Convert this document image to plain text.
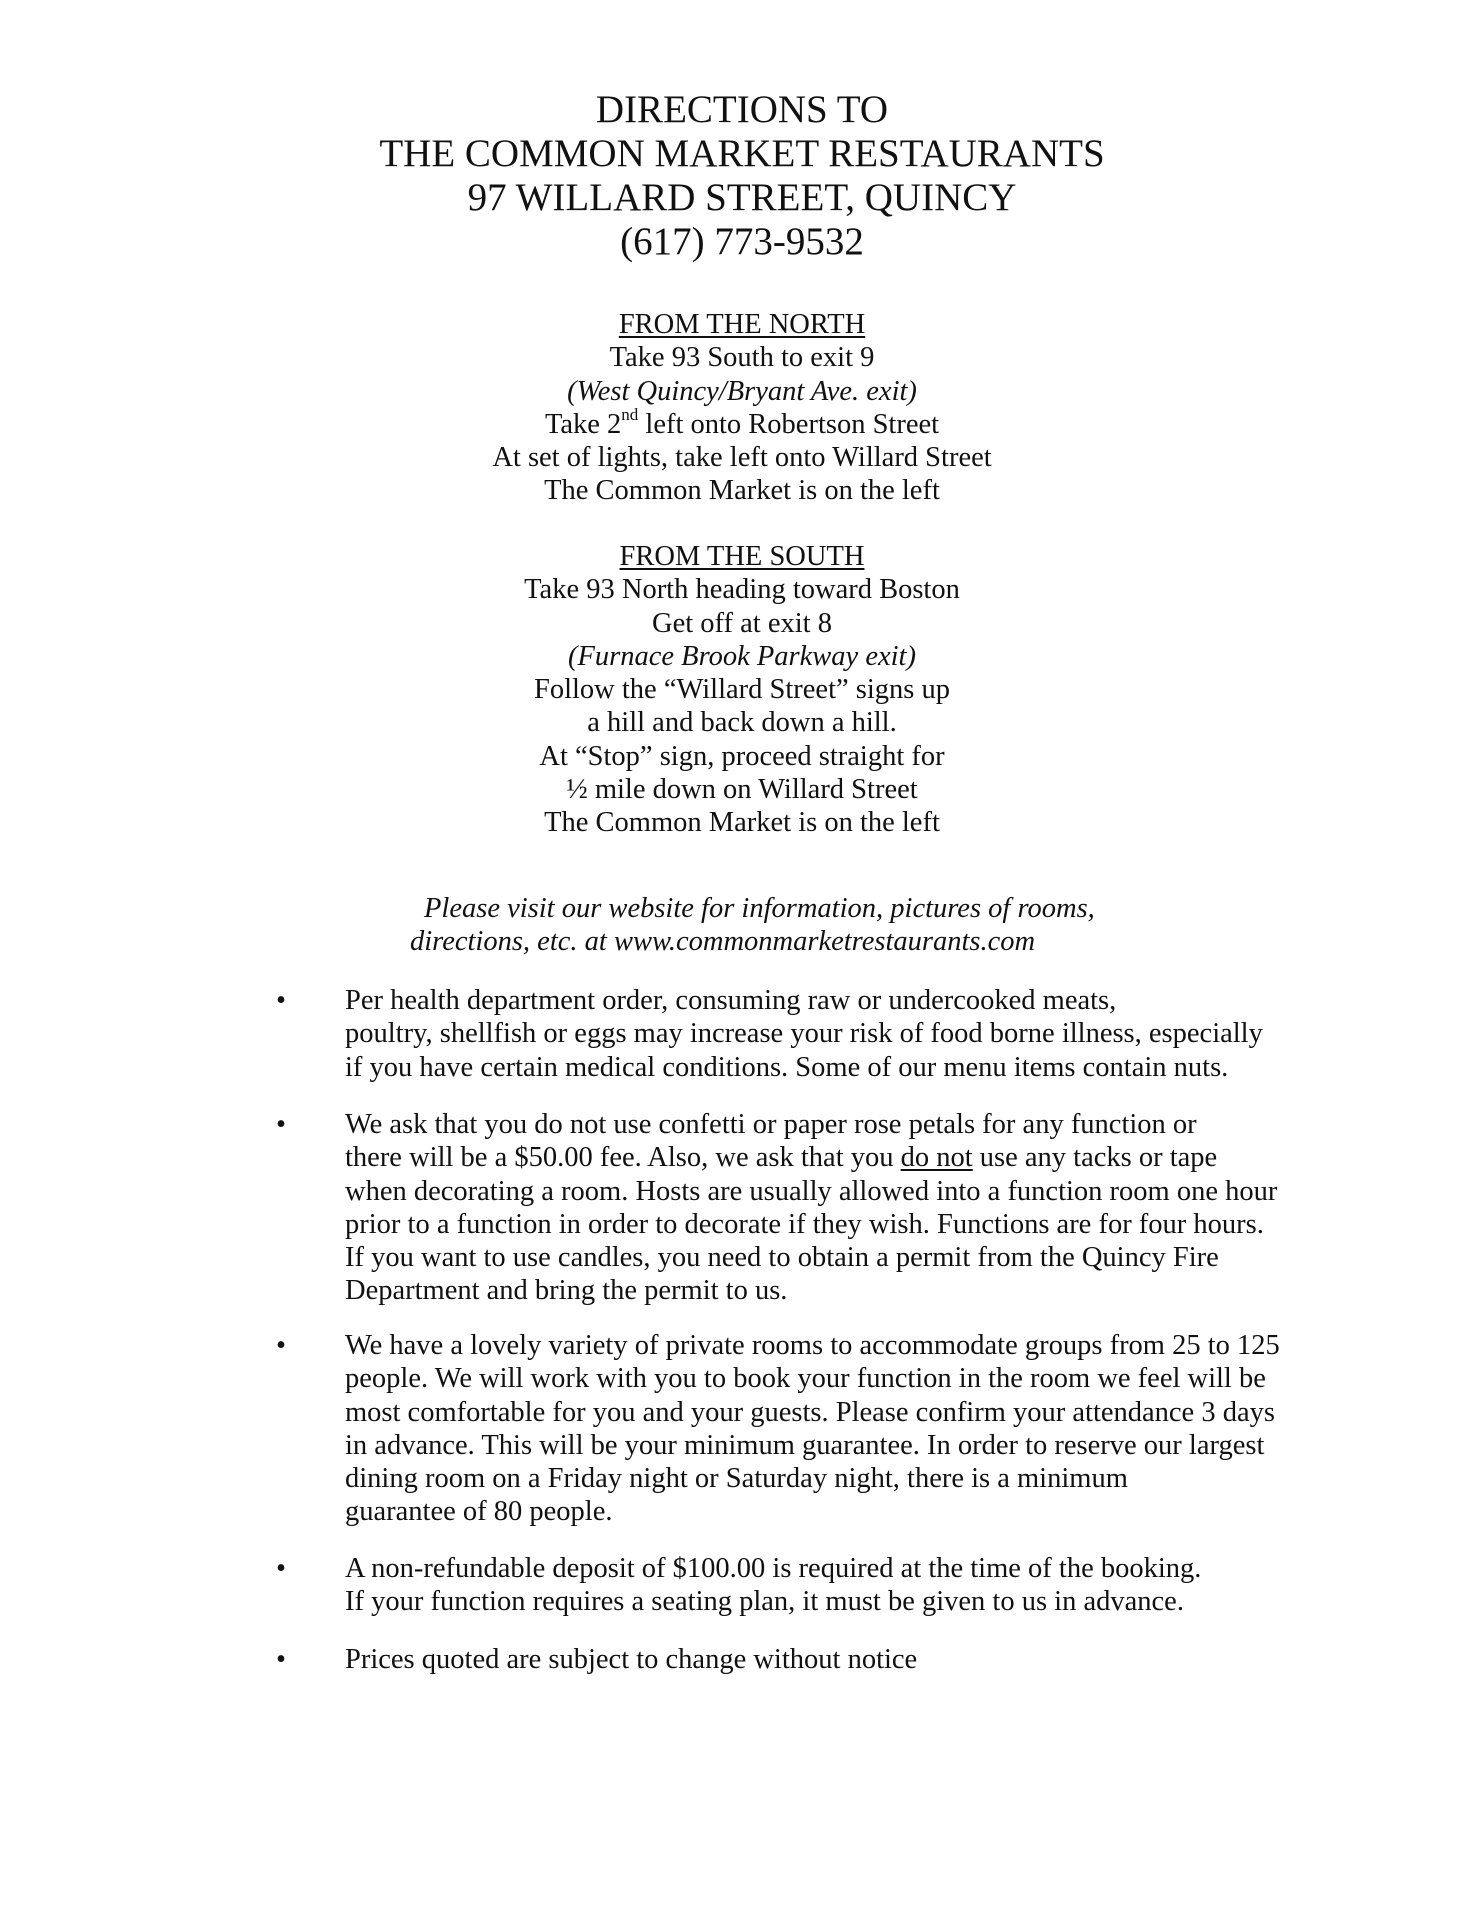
DIRECTIONS TO
THE COMMON MARKET RESTAURANTS
97 WILLARD STREET, QUINCY
(617) 773-9532
FROM THE NORTH
Take 93 South to exit 9
(West Quincy/Bryant Ave. exit)
Take 2nd left onto Robertson Street
At set of lights, take left onto Willard Street
The Common Market is on the left
FROM THE SOUTH
Take 93 North heading toward Boston
Get off at exit 8
(Furnace Brook Parkway exit)
Follow the “Willard Street” signs up
a hill and back down a hill.
At “Stop” sign, proceed straight for
½ mile down on Willard Street
The Common Market is on the left
Please visit our website for information, pictures of rooms,
directions, etc. at www.commonmarketrestaurants.com
• Per health department order, consuming raw or undercooked meats,
poultry, shellfish or eggs may increase your risk of food borne illness, especially
if you have certain medical conditions. Some of our menu items contain nuts.
• We ask that you do not use confetti or paper rose petals for any function or
there will be a $50.00 fee. Also, we ask that you do not use any tacks or tape
when decorating a room. Hosts are usually allowed into a function room one hour
prior to a function in order to decorate if they wish. Functions are for four hours.
If you want to use candles, you need to obtain a permit from the Quincy Fire
Department and bring the permit to us.
• We have a lovely variety of private rooms to accommodate groups from 25 to 125
people. We will work with you to book your function in the room we feel will be
most comfortable for you and your guests. Please confirm your attendance 3 days
in advance. This will be your minimum guarantee. In order to reserve our largest
dining room on a Friday night or Saturday night, there is a minimum
guarantee of 80 people.
• A non-refundable deposit of $100.00 is required at the time of the booking.
If your function requires a seating plan, it must be given to us in advance.
• Prices quoted are subject to change without notice
